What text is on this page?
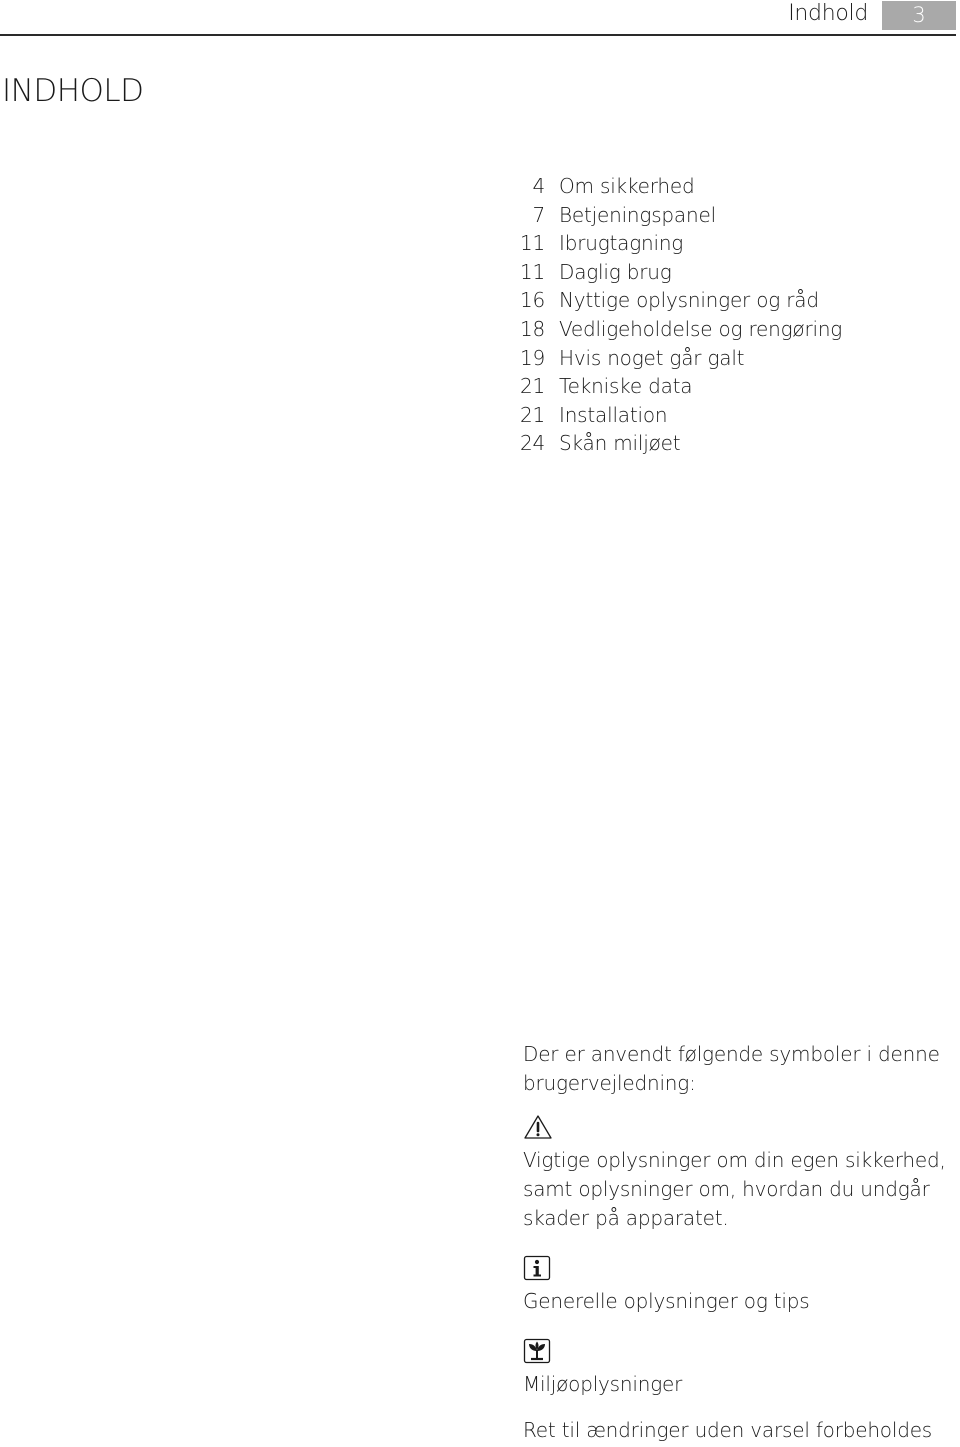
Indhold	3
INDHOLD
4 Om sikkerhed
7 Betjeningspanel
11 Ibrugtagning
11 Daglig brug
16 Nyttige oplysninger og råd
18 Vedligeholdelse og rengøring
19 Hvis noget går galt
21 Tekniske data
21 Installation
24 Skån miljøet

Der er anvendt følgende symboler i denne brugervejledning:

Vigtige oplysninger om din egen sikkerhed, samt oplysninger om, hvordan du undgår skader på apparatet.

Generelle oplysninger og tips

Miljøoplysninger

Ret til ændringer uden varsel forbeholdes
